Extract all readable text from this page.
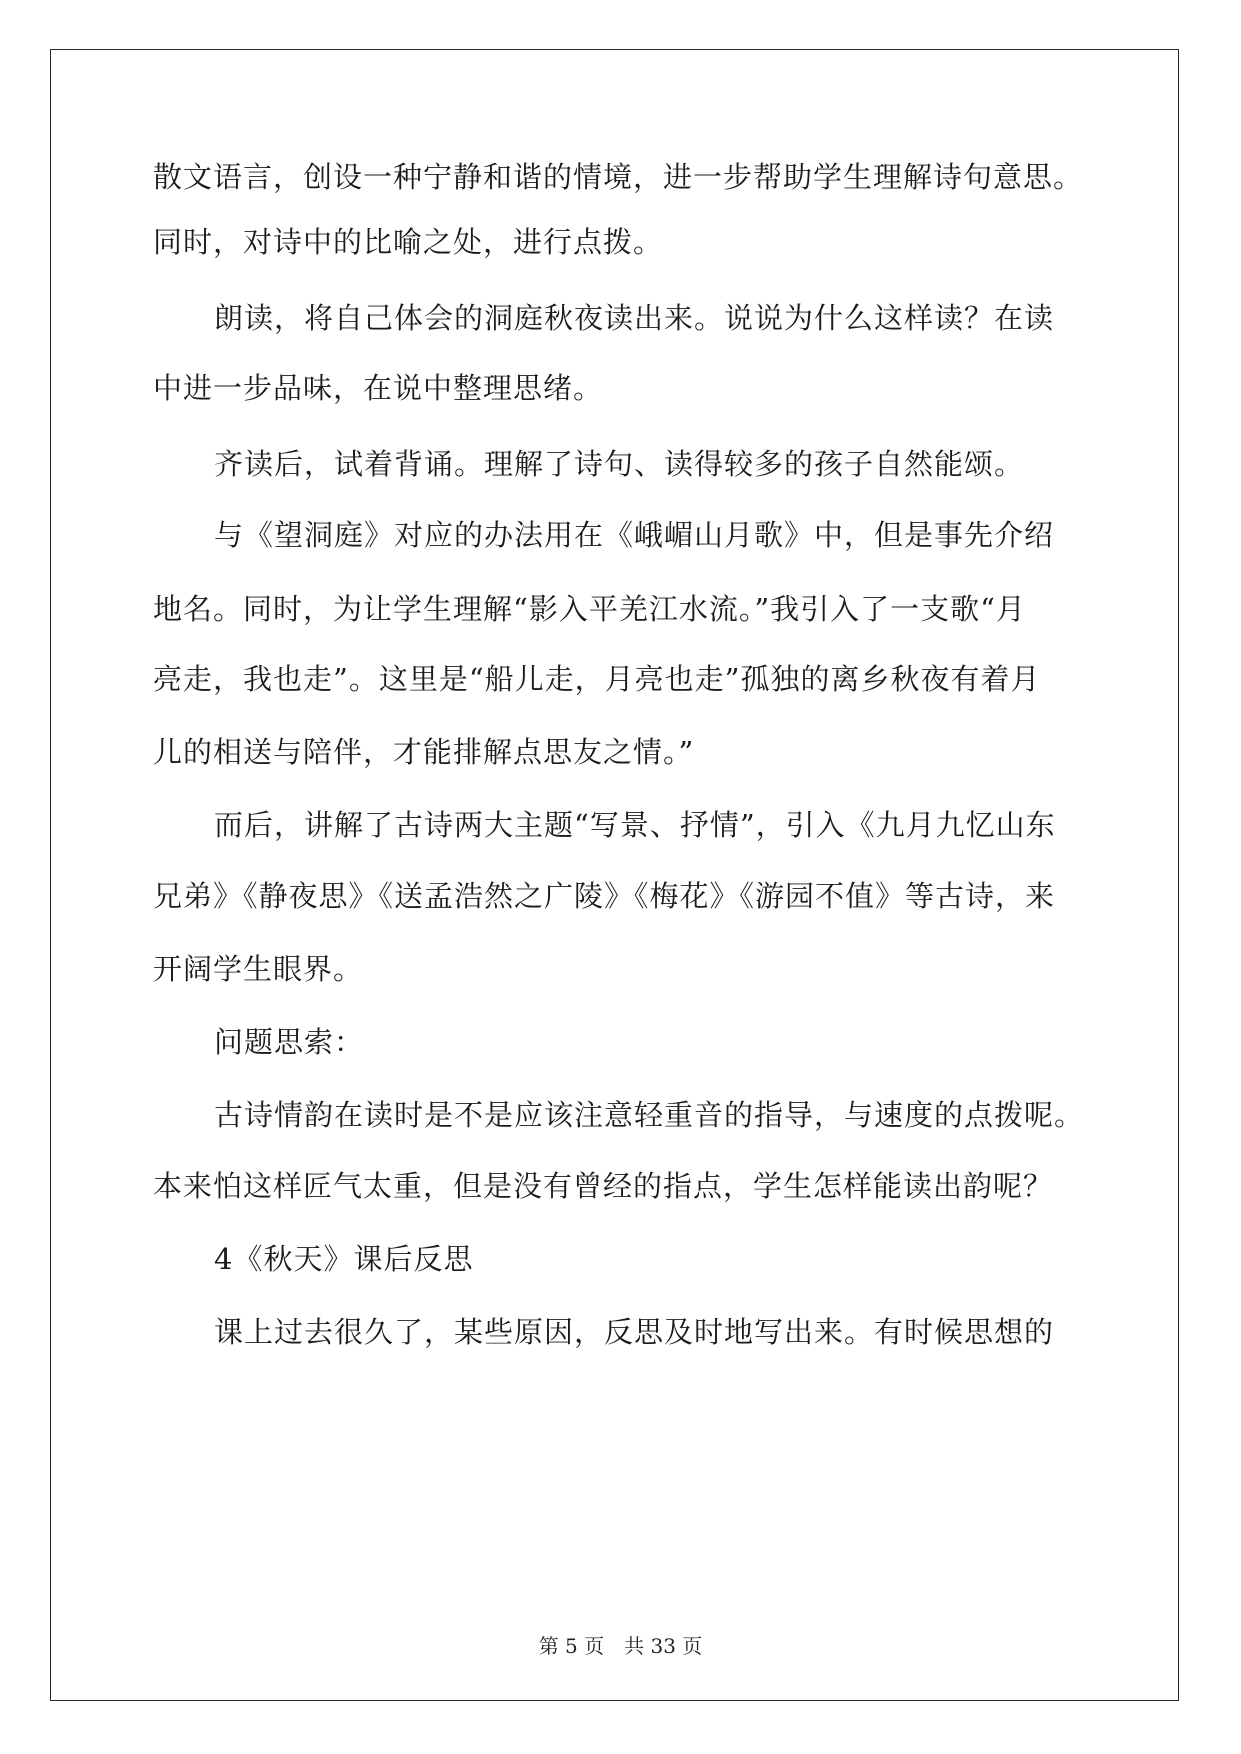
散文语言，创设一种宁静和谐的情境，进一步帮助学生理解诗句意思。
同时，对诗中的比喻之处，进行点拨。
朗读，将自己体会的洞庭秋夜读出来。说说为什么这样读？在读
中进一步品味，在说中整理思绪。
齐读后，试着背诵。理解了诗句、读得较多的孩子自然能颂。
与《望洞庭》对应的办法用在《峨嵋山月歌》中，但是事先介绍
地名。同时，为让学生理解“影入平羌江水流。”我引入了一支歌“月
亮走，我也走”。这里是“船儿走，月亮也走”孤独的离乡秋夜有着月
儿的相送与陪伴，才能排解点思友之情。”
而后，讲解了古诗两大主题“写景、抒情”，引入《九月九忆山东
兄弟》《静夜思》《送孟浩然之广陵》《梅花》《游园不值》等古诗，来
开阔学生眼界。
问题思索：
古诗情韵在读时是不是应该注意轻重音的指导，与速度的点拨呢。
本来怕这样匠气太重，但是没有曾经的指点，学生怎样能读出韵呢？
4《秋天》课后反思
课上过去很久了，某些原因，反思及时地写出来。有时候思想的
第 5 页　共 33 页
